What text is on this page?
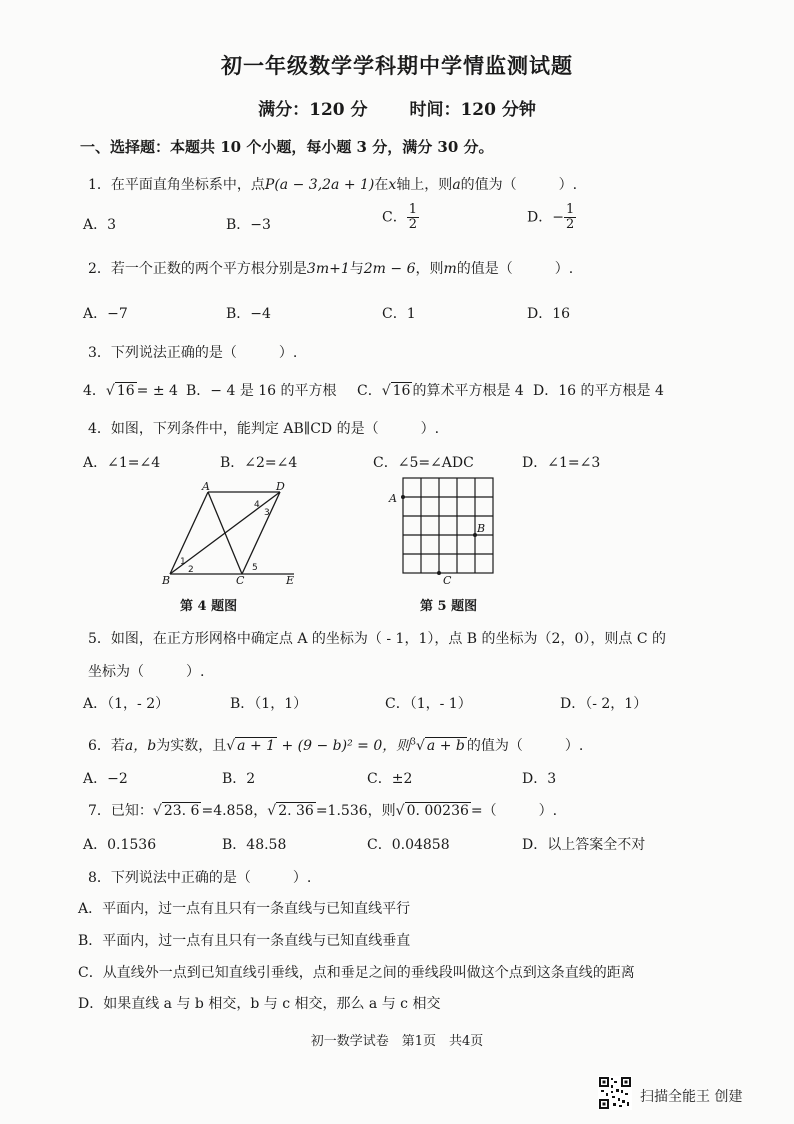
初一年级数学学科期中学情监测试题
满分：120 分 时间：120 分钟
一、选择题：本题共 10 个小题，每小题 3 分，满分 30 分。
1．在平面直角坐标系中，点P(a − 3,2a + 1)在x轴上，则a的值为（　　　）.
A．3	B．−3	C． $\frac{1}{2}$	D．− $\frac{1}{2}$
2．若一个正数的两个平方根分别是3m+1与2m − 6，则m的值是（　　　）.
A．−7	B．−4	C．1	D．16
3．下列说法正确的是（　　　）.
4．√ 16 = ± 4 B．− 4 是 16 的平方根 C．√ 16 的算术平方根是 4 D．16 的平方根是 4
4．如图，下列条件中，能判定 AB∥CD 的是（　　　）.
A．∠1=∠4	B．∠2=∠4	C．∠5=∠ADC	D．∠1=∠3
A	D
B	C	E
1
2
3
4
5
第 4 题图
A
B
C
第 5 题图
5．如图，在正方形网格中确定点 A 的坐标为（ - 1，1），点 B 的坐标为（2，0），则点 C 的
坐标为（　　　）.
A．（1，- 2）	B．（1，1）	C．（1，- 1）	D．（- 2，1）
6．若a，b为实数，且√ a + 1 + (9 − b)² = 0，则$^3$√ a + b 的值为（　　　）.
A．−2	B．2	C．±2	D．3
7．已知：√ 23. 6 =4.858，√ 2. 36 =1.536，则√ 0. 00236 =（　　　）.
A．0.1536	B．48.58	C．0.04858	D．以上答案全不对
8．下列说法中正确的是（　　　）.
A．平面内，过一点有且只有一条直线与已知直线平行
B．平面内，过一点有且只有一条直线与已知直线垂直
C．从直线外一点到已知直线引垂线，点和垂足之间的垂线段叫做这个点到这条直线的距离
D．如果直线 a 与 b 相交，b 与 c 相交，那么 a 与 c 相交
初一数学试卷　第1页　共4页
扫描全能王 创建
